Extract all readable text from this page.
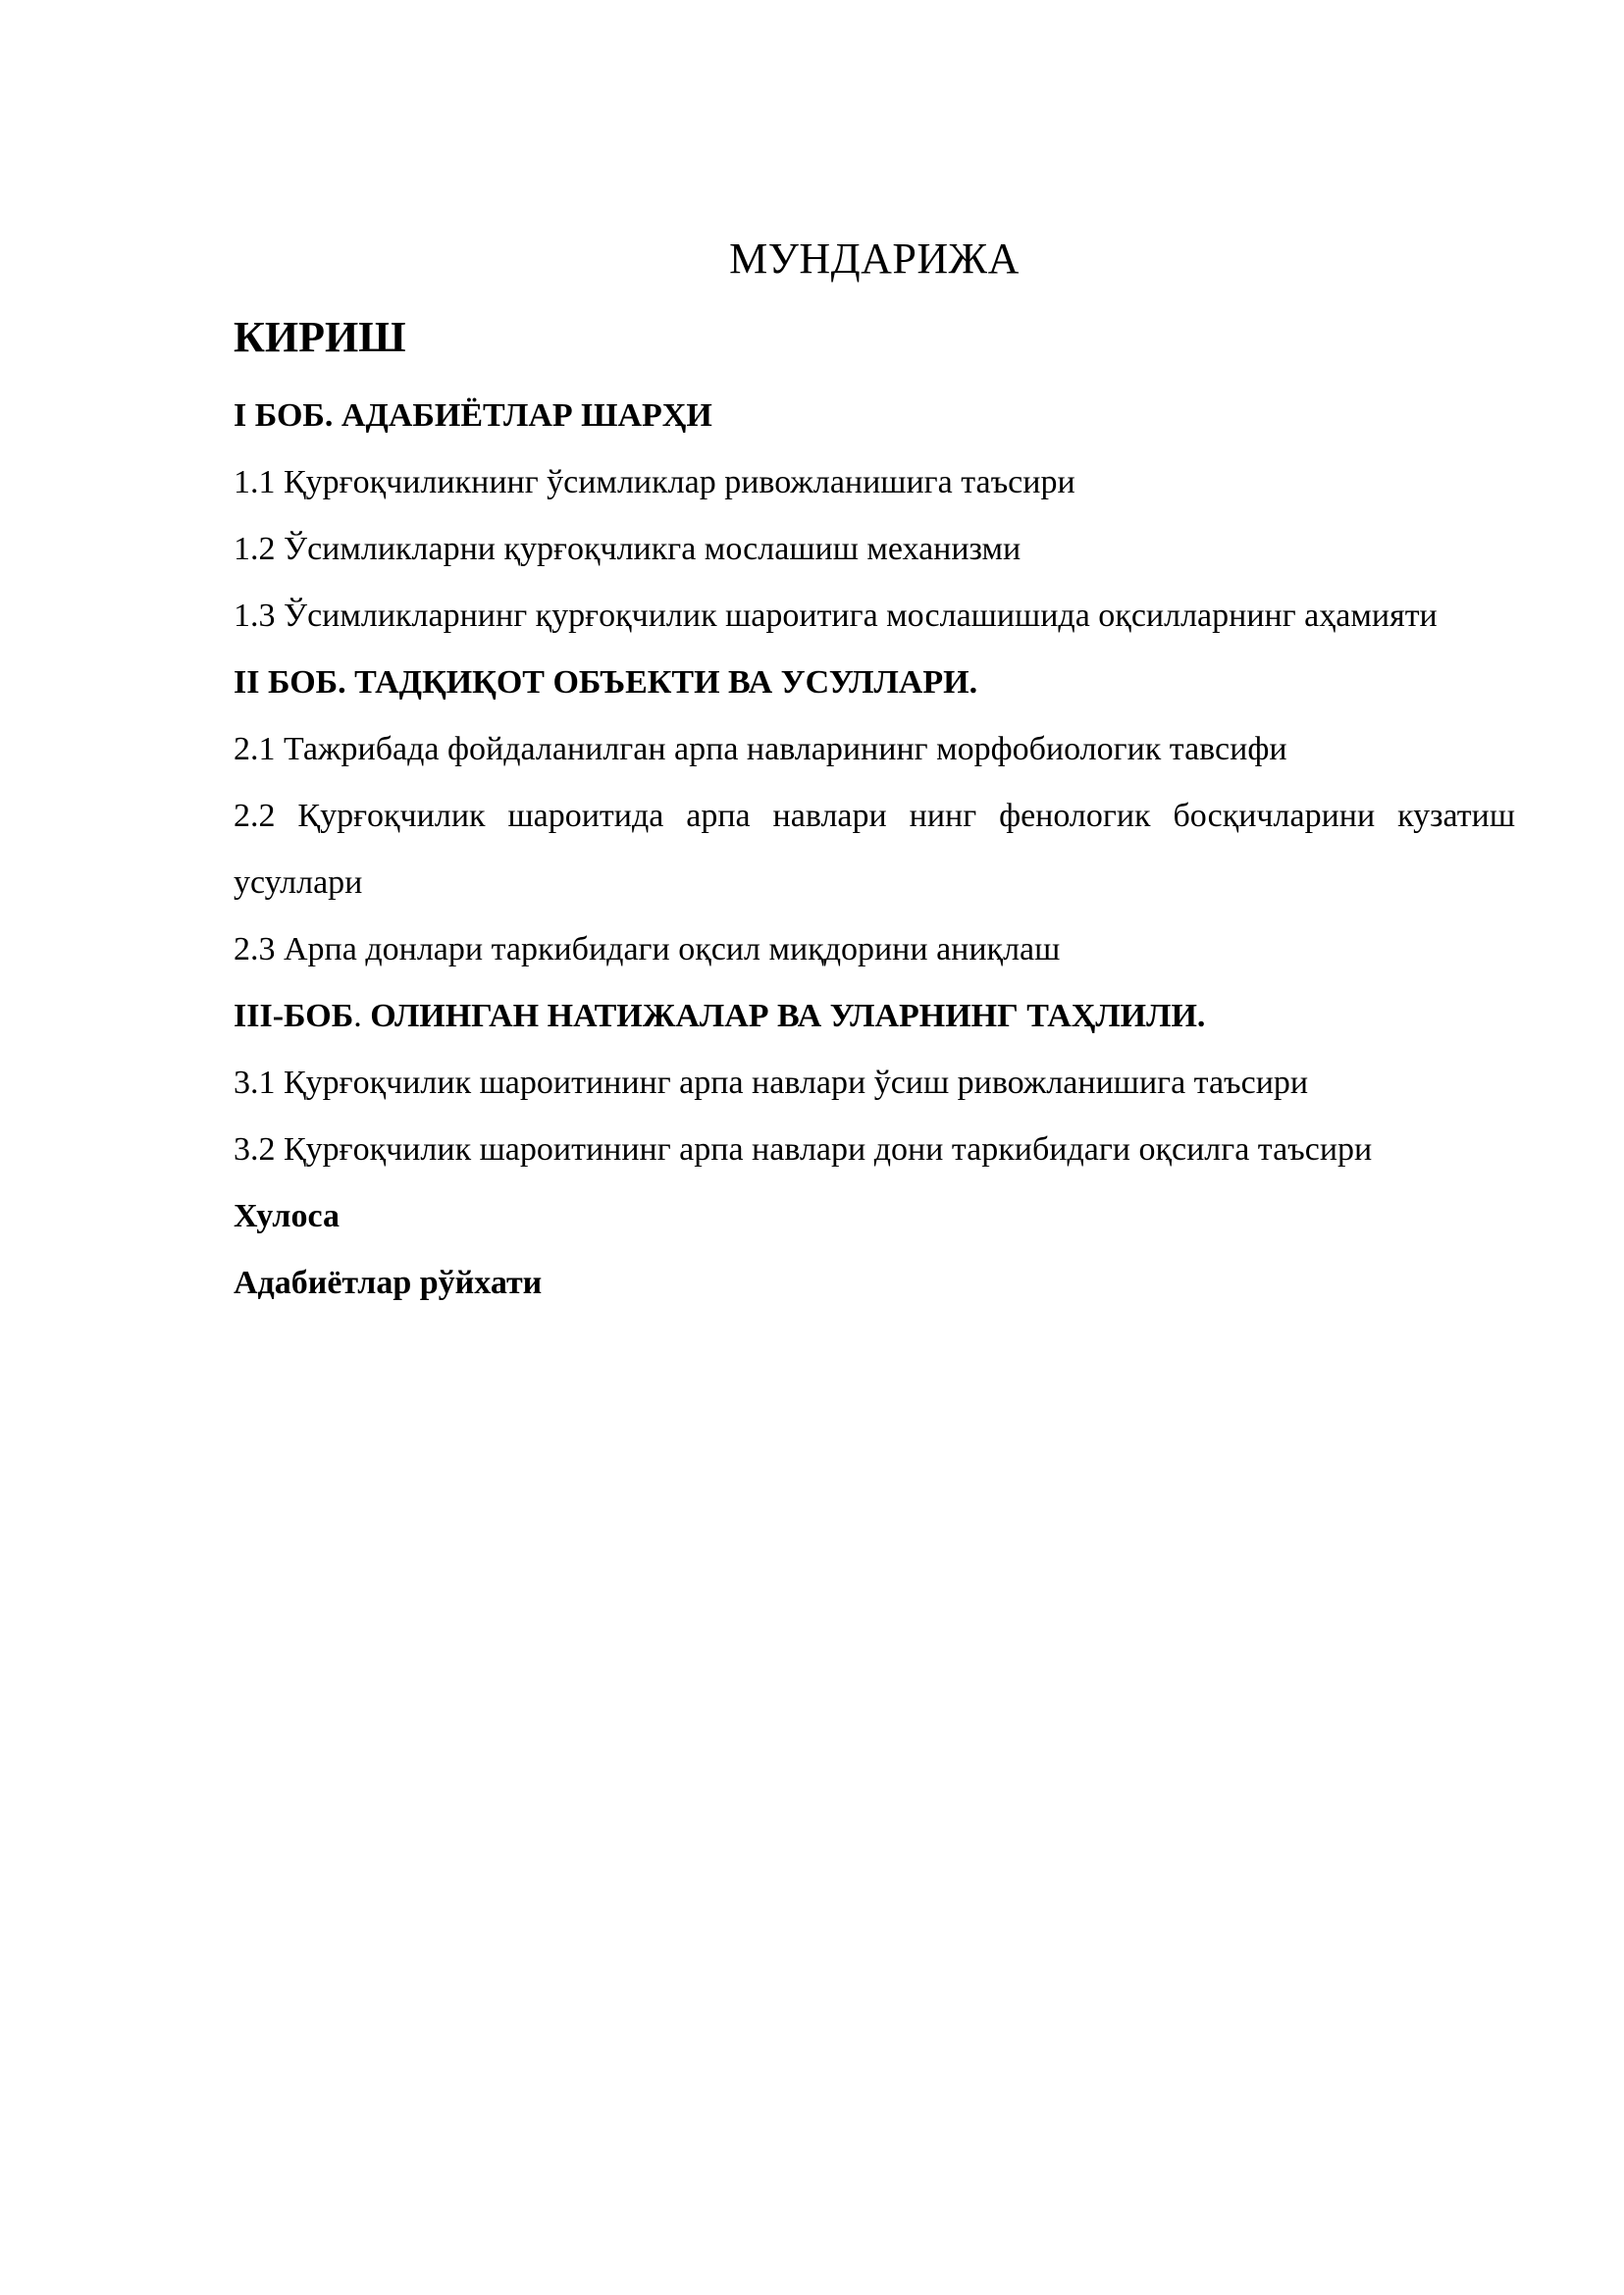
МУНДАРИЖА
КИРИШ

I БОБ. АДАБИЁТЛАР ШАРҲИ

1.1 Қурғоқчиликнинг ўсимликлар ривожланишига таъсири

1.2 Ўсимликларни қурғоқчликга мослашиш механизми

1.3 Ўсимликларнинг қурғоқчилик шароитига мослашишида оқсилларнинг аҳамияти

II БОБ. ТАДҚИҚОТ ОБЪЕКТИ ВА УСУЛЛАРИ.

2.1 Тажрибада фойдаланилган арпа навларининг морфобиологик тавсифи

2.2 Қурғоқчилик шароитида арпа навлари нинг фенологик босқичларини кузатиш усуллари

2.3 Арпа донлари таркибидаги оқсил миқдорини аниқлаш

III-БОБ. ОЛИНГАН НАТИЖАЛАР ВА УЛАРНИНГ ТАҲЛИЛИ.

3.1 Қурғоқчилик шароитининг арпа навлари ўсиш ривожланишига таъсири

3.2 Қурғоқчилик шароитининг арпа навлари дони таркибидаги оқсилга таъсири

Хулоса

Адабиётлар рўйхати
